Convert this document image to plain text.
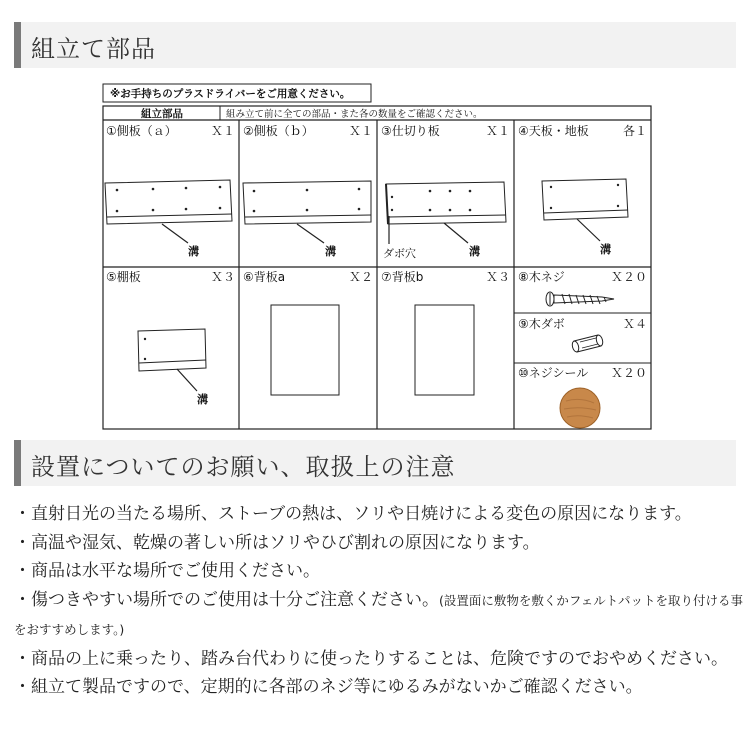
組立て部品
※お手持ちのプラスドライバーをご用意ください。
組立部品	組み立て前に全ての部品・また各の数量をご確認ください。
①側板（ａ）	Ｘ１ ②側板（ｂ）	Ｘ１ ③仕切り板	Ｘ１ ④天板・地板	各１
⑤棚板	Ｘ３ ⑥背板a	Ｘ２ ⑦背板b	Ｘ３ ⑧木ネジ	Ｘ２０
⑨木ダボ	Ｘ４
⑩ネジシール Ｘ２０
溝	溝	ダボ穴	溝	溝
溝
設置についてのお願い、取扱上の注意
・直射日光の当たる場所、ストーブの熱は、ソリや日焼けによる変色の原因になります。
・高温や湿気、乾燥の著しい所はソリやひび割れの原因になります。
・商品は水平な場所でご使用ください。
・傷つきやすい場所でのご使用は十分ご注意ください。(設置面に敷物を敷くかフェルトパットを取り付ける事をおすすめします。)
・商品の上に乗ったり、踏み台代わりに使ったりすることは、危険ですのでおやめください。
・組立て製品ですので、定期的に各部のネジ等にゆるみがないかご確認ください。
